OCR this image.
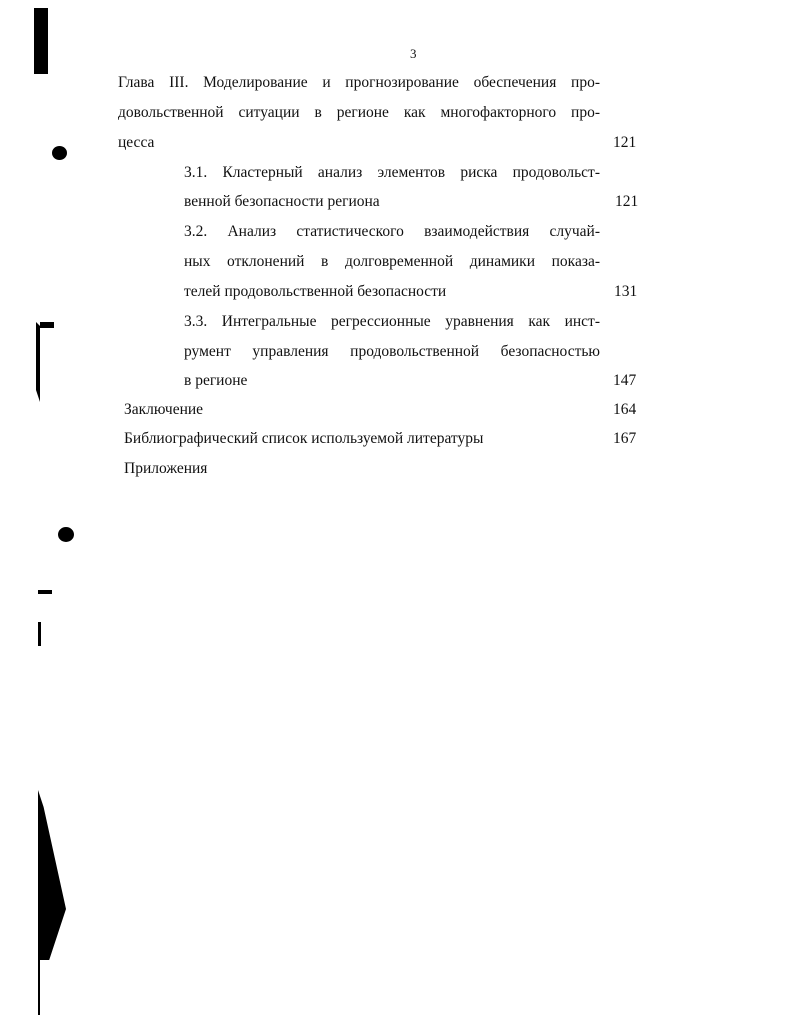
3
Глава III. Моделирование и прогнозирование обеспечения про-
довольственной ситуации в регионе как многофакторного про-
цесса	121
3.1. Кластерный анализ элементов риска продовольст-
венной безопасности региона	121
3.2. Анализ статистического взаимодействия случай-
ных отклонений в долговременной динамики показа-
телей продовольственной безопасности	131
3.3. Интегральные регрессионные уравнения как инст-
румент управления продовольственной безопасностью
в регионе	147
Заключение	164
Библиографический список используемой литературы	167
Приложения
